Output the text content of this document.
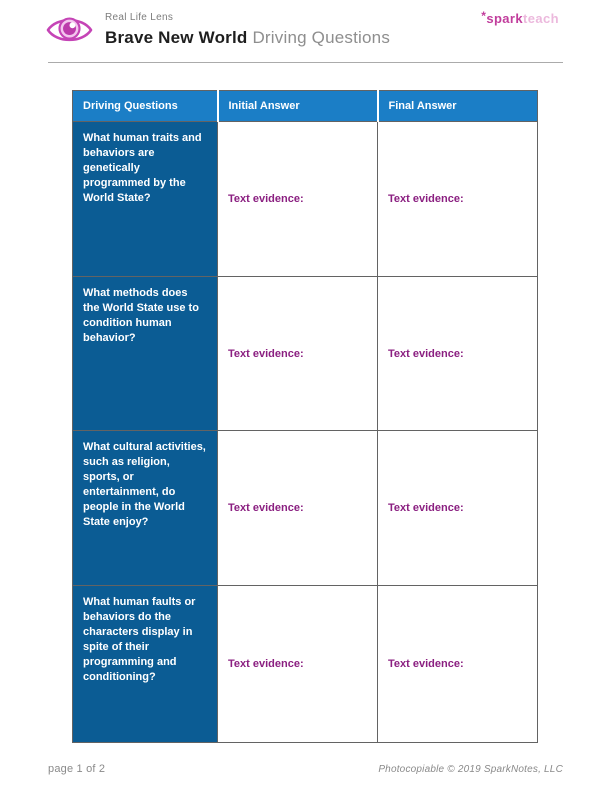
Real Life Lens
Brave New World Driving Questions
*sparkteach
Driving Questions	Initial Answer	Final Answer
What human traits and behaviors are genetically programmed by the World State?	Text evidence:	Text evidence:
What methods does the World State use to condition human behavior?	Text evidence:	Text evidence:
What cultural activities, such as religion, sports, or entertainment, do people in the World State enjoy?	Text evidence:	Text evidence:
What human faults or behaviors do the characters display in spite of their programming and conditioning?	Text evidence:	Text evidence:
page 1 of 2	Photocopiable © 2019 SparkNotes, LLC
